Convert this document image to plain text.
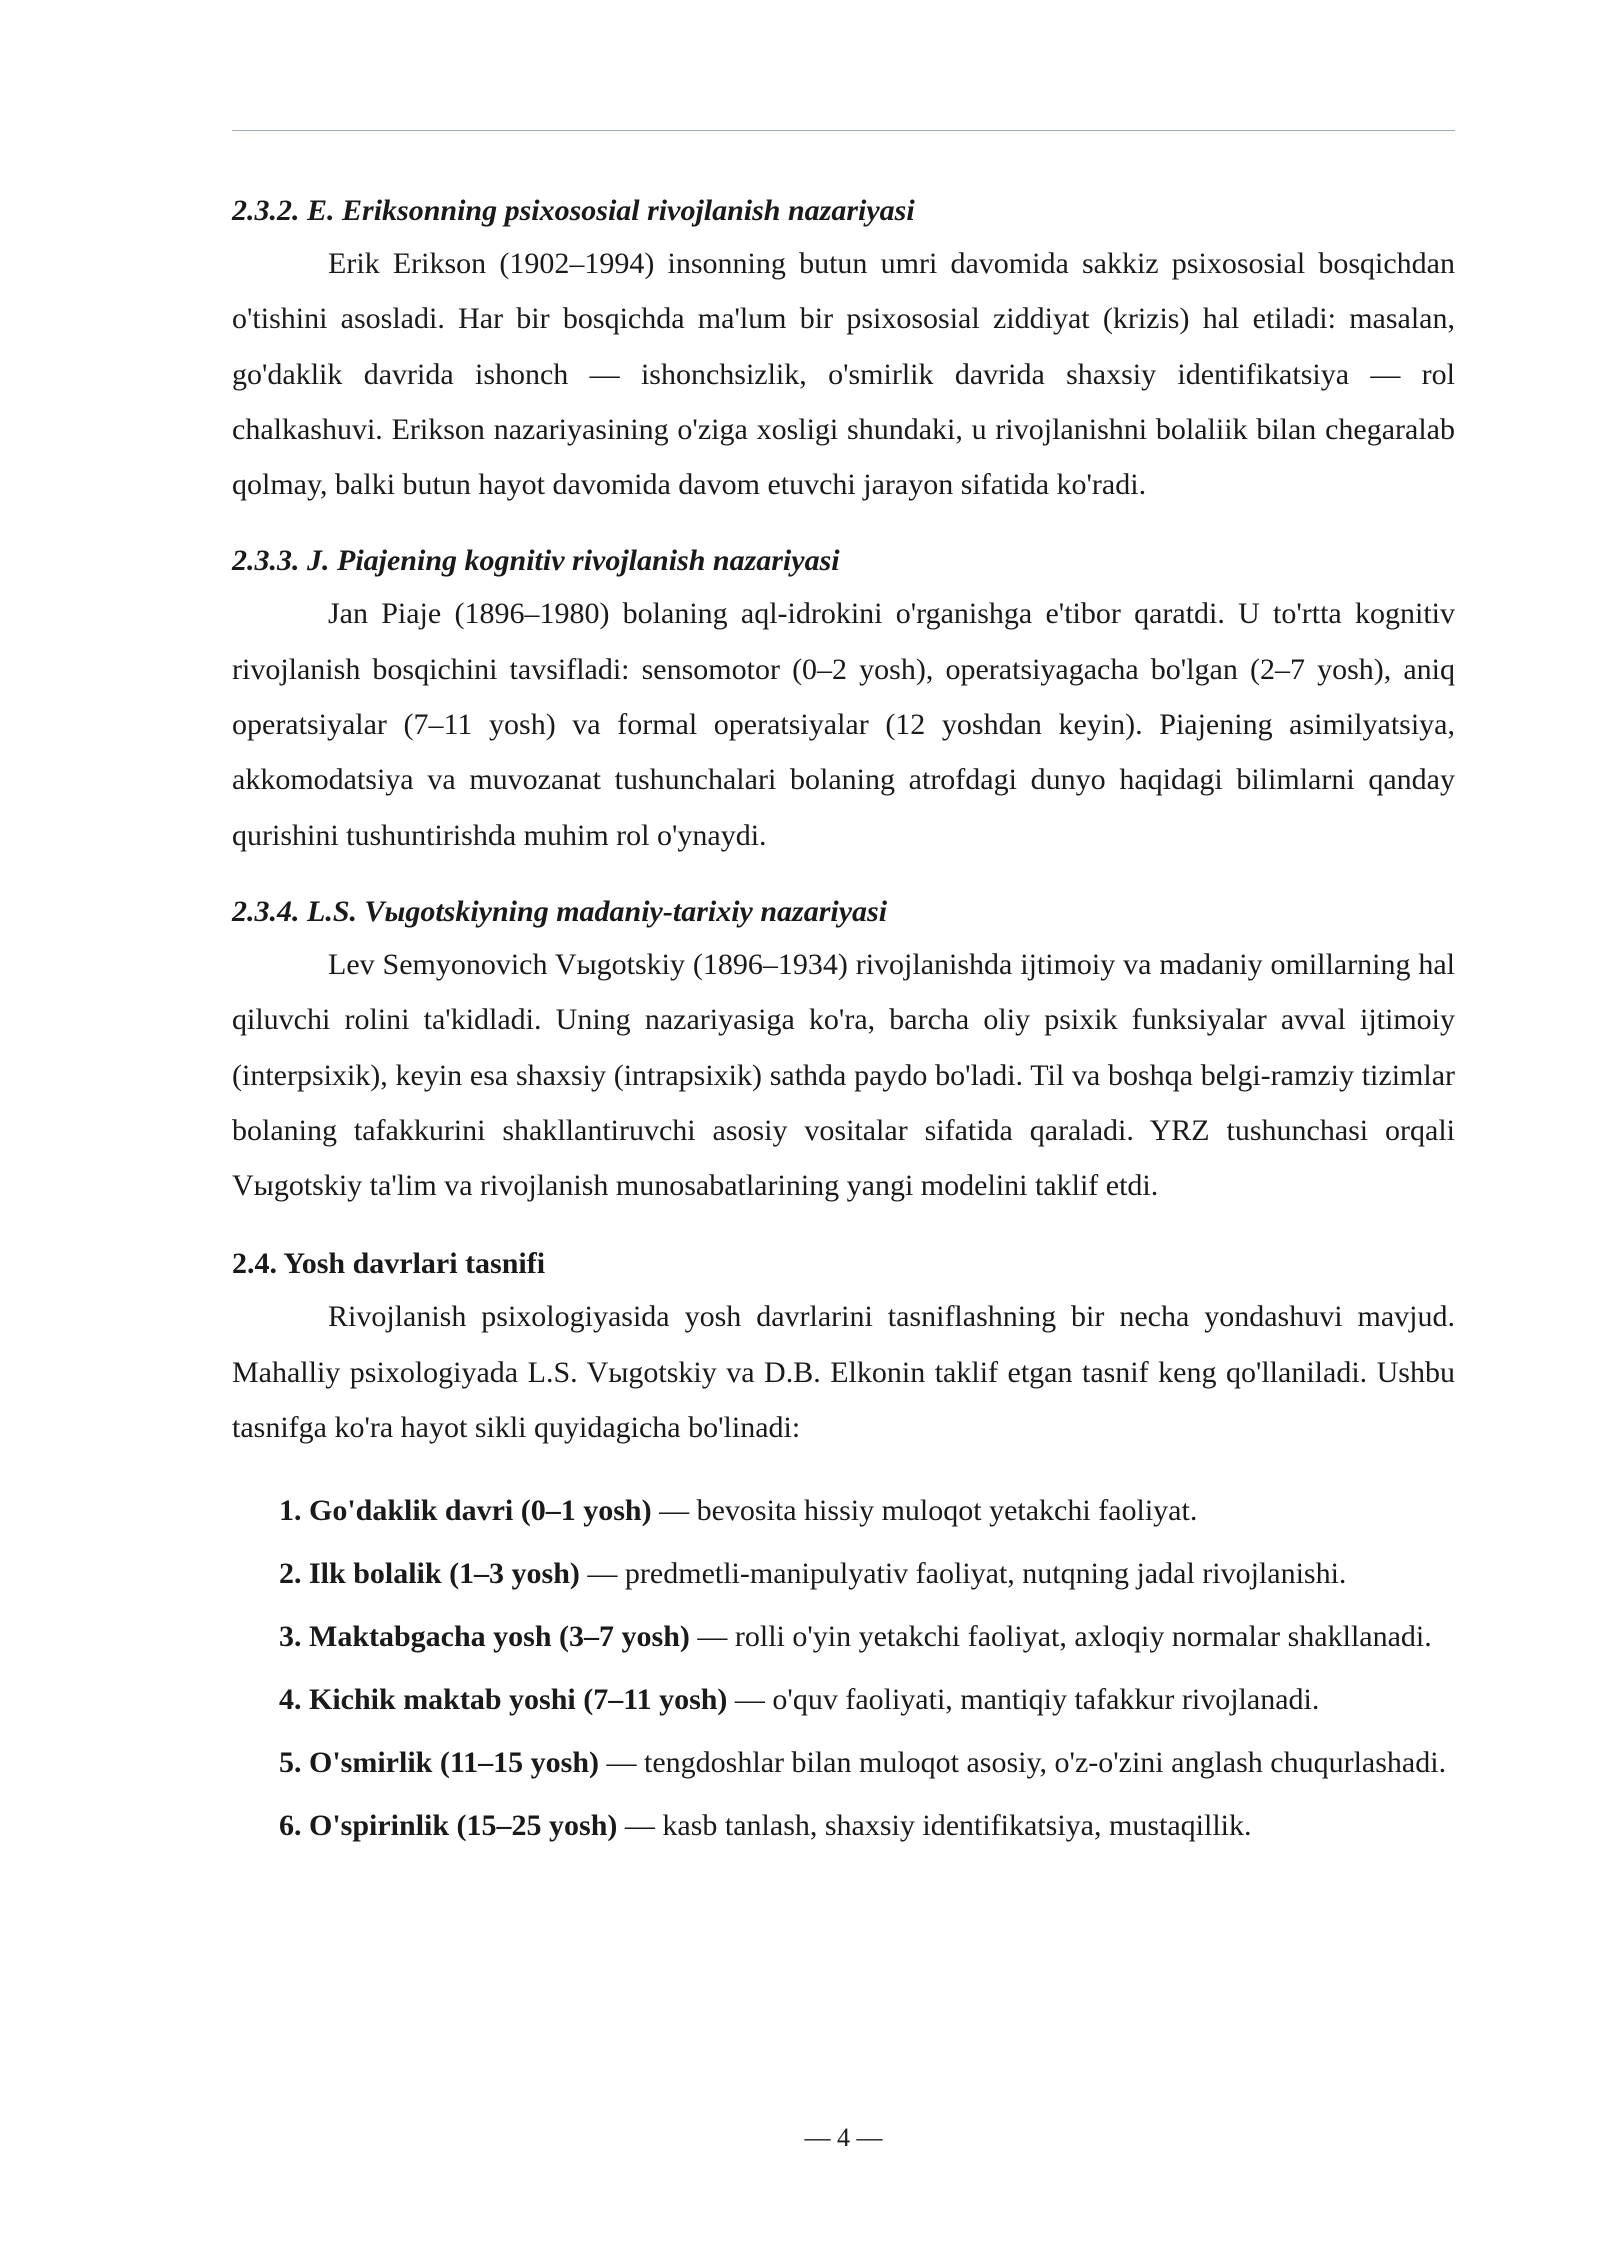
2.3.2. E. Eriksonning psixososial rivojlanish nazariyasi

Erik Erikson (1902–1994) insonning butun umri davomida sakkiz psixososial bosqichdan o'tishini asosladi. Har bir bosqichda ma'lum bir psixososial ziddiyat (krizis) hal etiladi: masalan, go'daklik davrida ishonch — ishonchsizlik, o'smirlik davrida shaxsiy identifikatsiya — rol chalkashuvi. Erikson nazariyasining o'ziga xosligi shundaki, u rivojlanishni bolaliik bilan chegaralab qolmay, balki butun hayot davomida davom etuvchi jarayon sifatida ko'radi.

2.3.3. J. Piajening kognitiv rivojlanish nazariyasi

Jan Piaje (1896–1980) bolaning aql-idrokini o'rganishga e'tibor qaratdi. U to'rtta kognitiv rivojlanish bosqichini tavsifladi: sensomotor (0–2 yosh), operatsiyagacha bo'lgan (2–7 yosh), aniq operatsiyalar (7–11 yosh) va formal operatsiyalar (12 yoshdan keyin). Piajening asimilyatsiya, akkomodatsiya va muvozanat tushunchalari bolaning atrofdagi dunyo haqidagi bilimlarni qanday qurishini tushuntirishda muhim rol o'ynaydi.

2.3.4. L.S. Vыgotskiyning madaniy-tarixiy nazariyasi

Lev Semyonovich Vыgotskiy (1896–1934) rivojlanishda ijtimoiy va madaniy omillarning hal qiluvchi rolini ta'kidladi. Uning nazariyasiga ko'ra, barcha oliy psixik funksiyalar avval ijtimoiy (interpsixik), keyin esa shaxsiy (intrapsixik) sathda paydo bo'ladi. Til va boshqa belgi-ramziy tizimlar bolaning tafakkurini shakllantiruvchi asosiy vositalar sifatida qaraladi. YRZ tushunchasi orqali Vыgotskiy ta'lim va rivojlanish munosabatlarining yangi modelini taklif etdi.

2.4. Yosh davrlari tasnifi

Rivojlanish psixologiyasida yosh davrlarini tasniflashning bir necha yondashuvi mavjud. Mahalliy psixologiyada L.S. Vыgotskiy va D.B. Elkonin taklif etgan tasnif keng qo'llaniladi. Ushbu tasnifga ko'ra hayot sikli quyidagicha bo'linadi:

1. Go'daklik davri (0–1 yosh) — bevosita hissiy muloqot yetakchi faoliyat.
2. Ilk bolalik (1–3 yosh) — predmetli-manipulyativ faoliyat, nutqning jadal rivojlanishi.
3. Maktabgacha yosh (3–7 yosh) — rolli o'yin yetakchi faoliyat, axloqiy normalar shakllanadi.
4. Kichik maktab yoshi (7–11 yosh) — o'quv faoliyati, mantiqiy tafakkur rivojlanadi.
5. O'smirlik (11–15 yosh) — tengdoshlar bilan muloqot asosiy, o'z-o'zini anglash chuqurlashadi.
6. O'spirinlik (15–25 yosh) — kasb tanlash, shaxsiy identifikatsiya, mustaqillik.
— 4 —
